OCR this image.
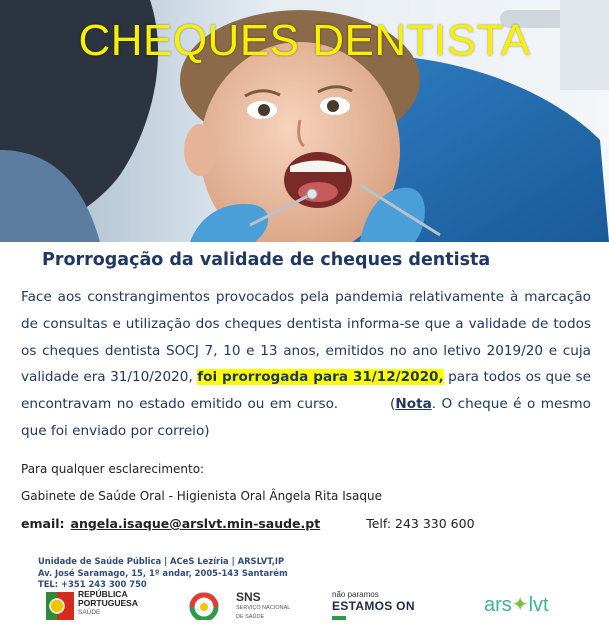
CHEQUES DENTISTA
Prorrogação da validade de cheques dentista
Face aos constrangimentos provocados pela pandemia relativamente à marcação de consultas e utilização dos cheques dentista informa-se que a validade de todos os cheques dentista SOCJ 7, 10 e 13 anos, emitidos no ano letivo 2019/20 e cuja validade era 31/10/2020, foi prorrogada para 31/12/2020, para todos os que se encontravam no estado emitido ou em curso.	(Nota. O cheque é o mesmo que foi enviado por correio)
Para qualquer esclarecimento:
Gabinete de Saúde Oral - Higienista Oral Ângela Rita Isaque
email: angela.isaque@arslvt.min-saude.pt	Telf: 243 330 600
Unidade de Saúde Pública | ACeS Lezíria | ARSLVT,IP
Av. José Saramago, 15, 1º andar, 2005-143 Santarém
TEL: +351 243 300 750
REPÚBLICA
PORTUGUESA
SAÚDE
SNS
SERVIÇO NACIONAL
DE SAÚDE
não paramos
ESTAMOS ON	ars✦lvt
